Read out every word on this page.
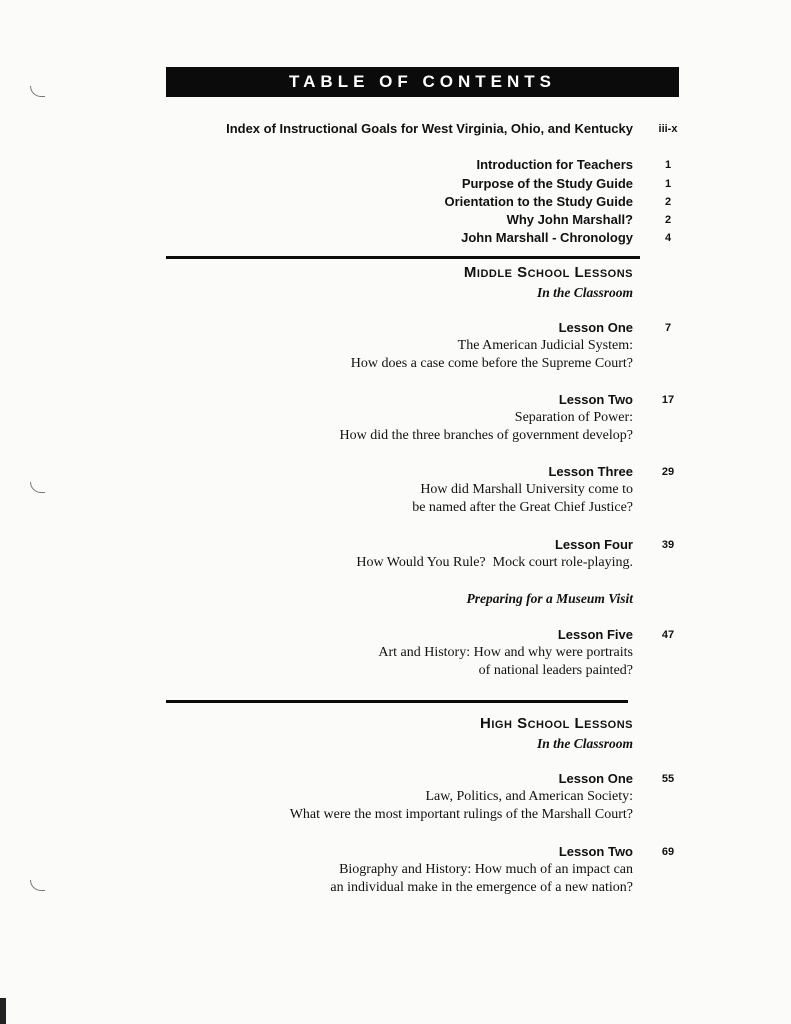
TABLE OF CONTENTS
Index of Instructional Goals for West Virginia, Ohio, and Kentucky	iii-x
Introduction for Teachers	1
Purpose of the Study Guide	1
Orientation to the Study Guide	2
Why John Marshall?	2
John Marshall - Chronology	4
Middle School Lessons
In the Classroom
Lesson One	7
The American Judicial System:
How does a case come before the Supreme Court?
Lesson Two	17
Separation of Power:
How did the three branches of government develop?
Lesson Three	29
How did Marshall University come to
be named after the Great Chief Justice?
Lesson Four	39
How Would You Rule?  Mock court role-playing.
Preparing for a Museum Visit
Lesson Five	47
Art and History: How and why were portraits
of national leaders painted?
High School Lessons
In the Classroom
Lesson One	55
Law, Politics, and American Society:
What were the most important rulings of the Marshall Court?
Lesson Two	69
Biography and History: How much of an impact can
an individual make in the emergence of a new nation?
